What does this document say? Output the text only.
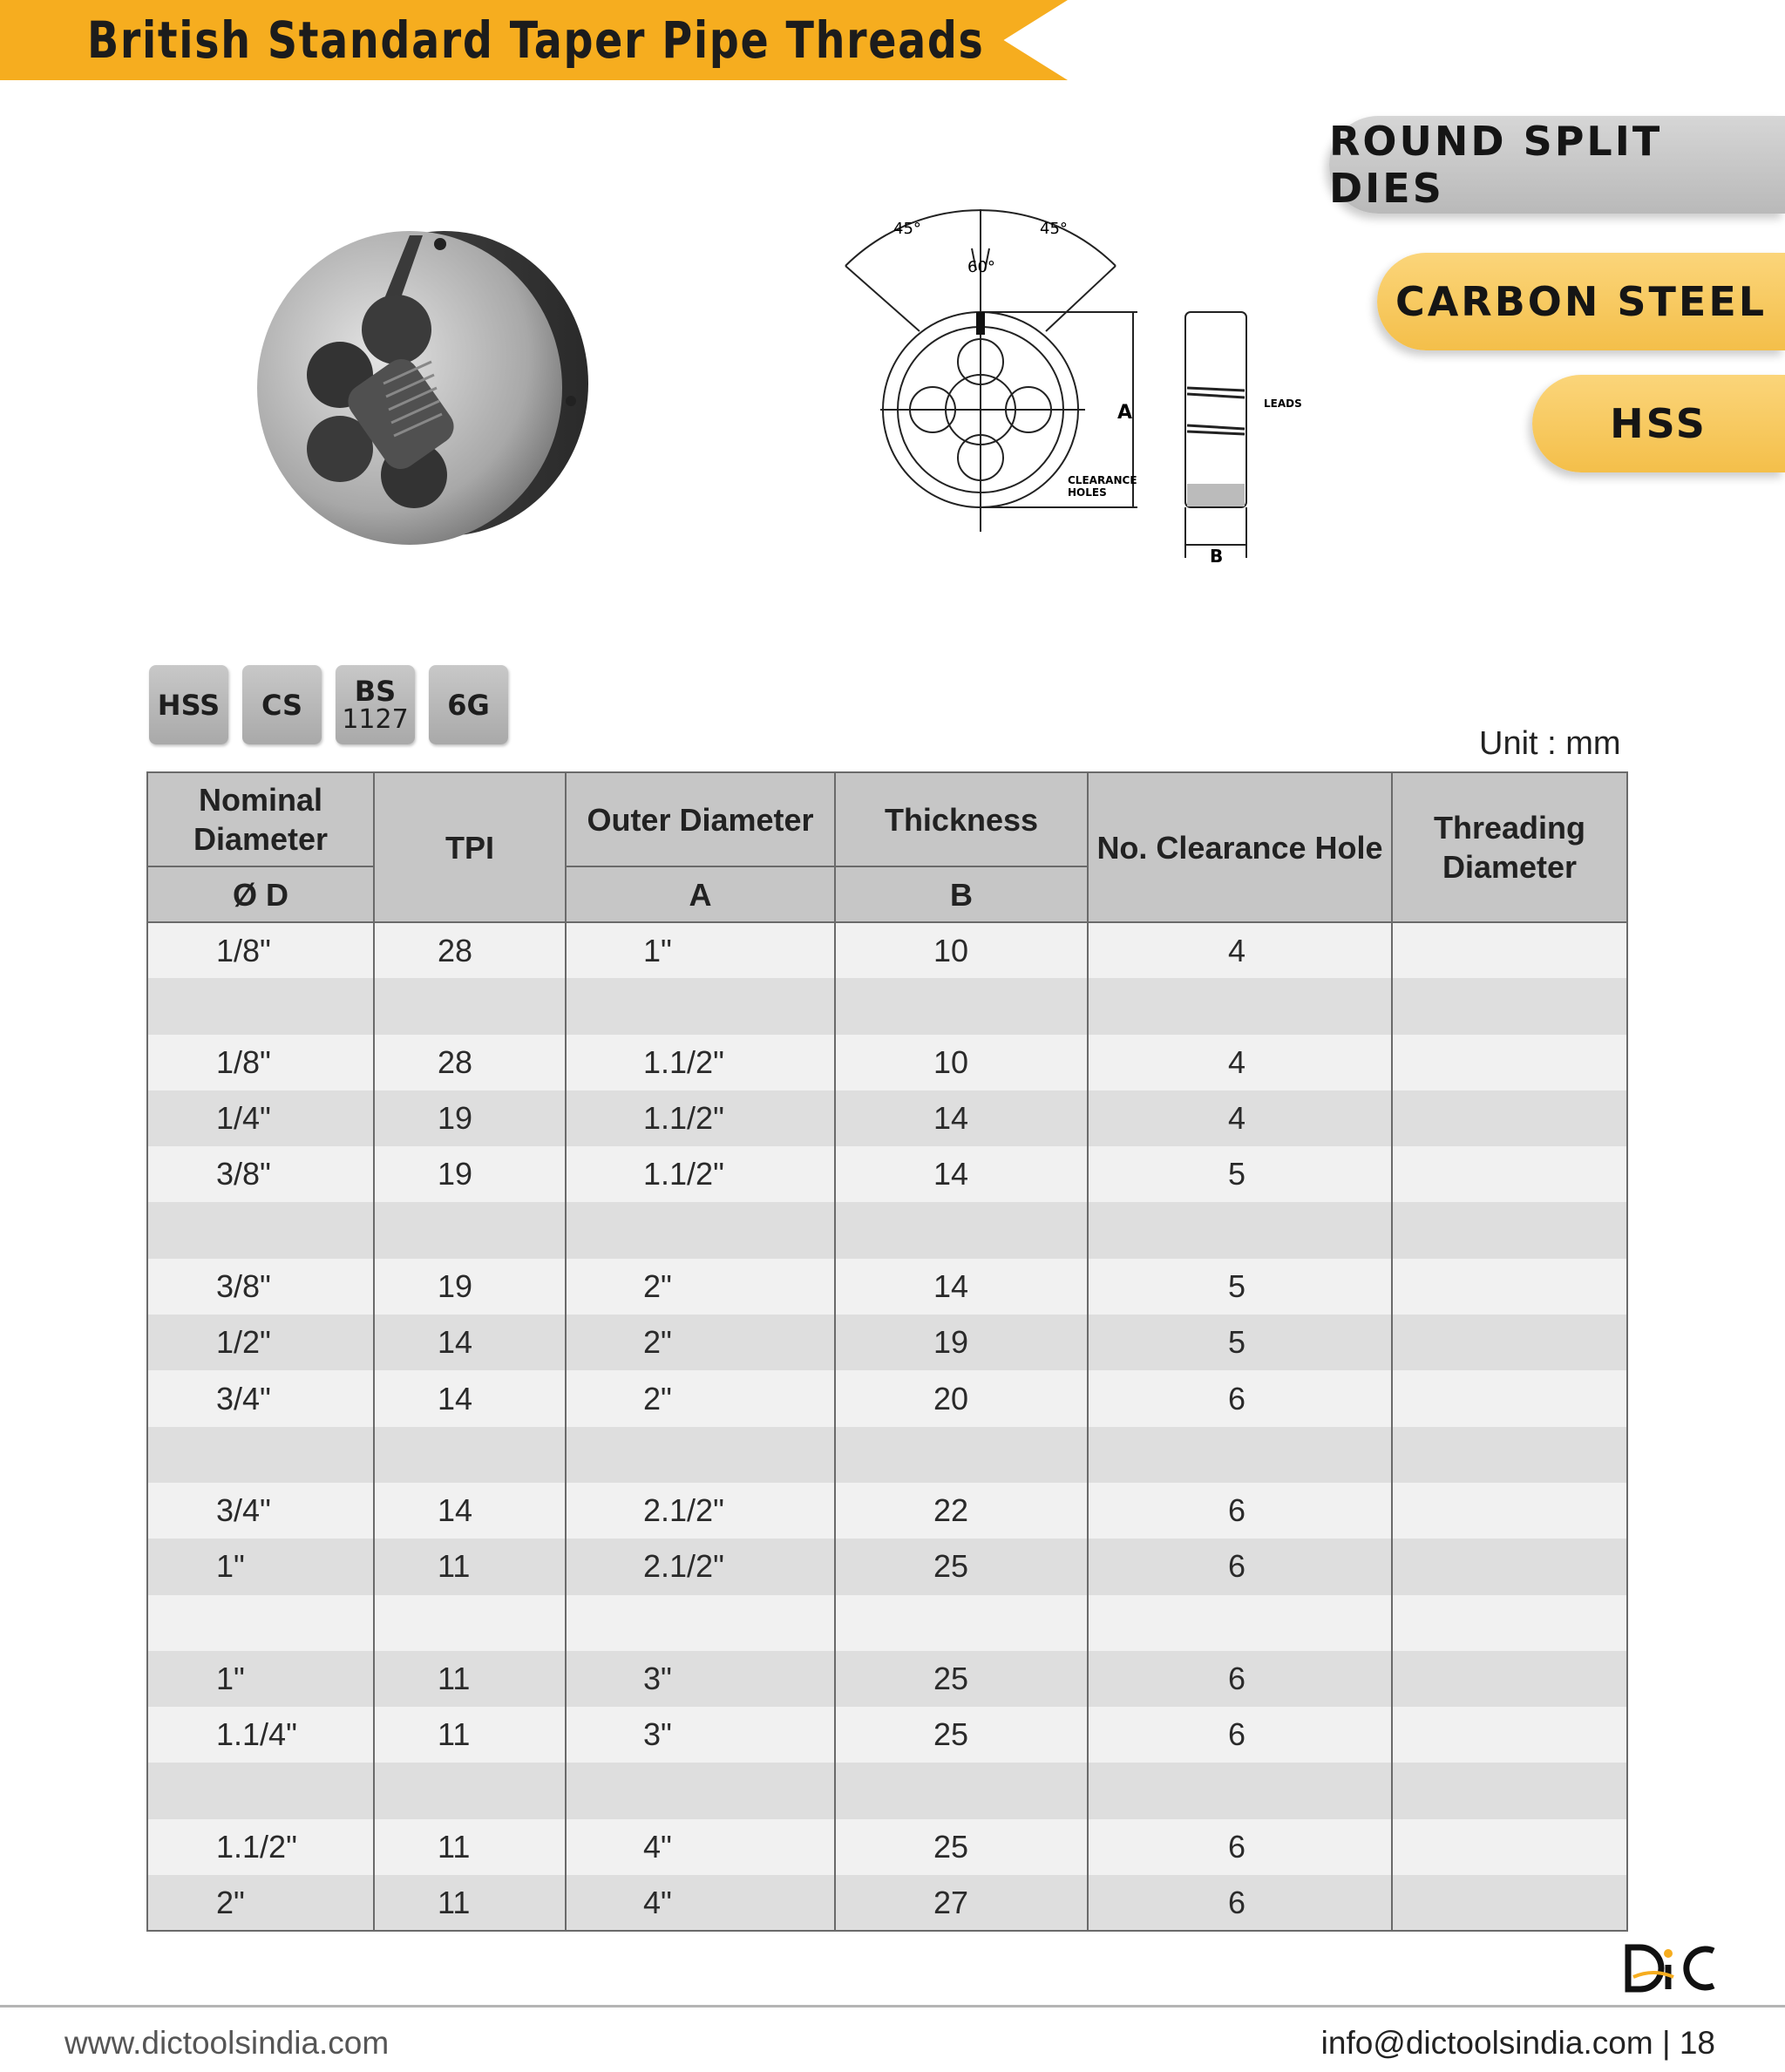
British Standard Taper Pipe Threads
ROUND SPLIT DIES
CARBON STEEL
HSS
45°	45°
60°
A
B
LEADS
CLEARANCE
HOLES
HSS CS BS
1127 6G
Unit : mm
Nominal Diameter	TPI	Outer Diameter	Thickness	No. Clearance Hole	Threading Diameter
Ø D		A	B		
1/8"	28	1"	10	4	

1/8"	28	1.1/2"	10	4	
1/4"	19	1.1/2"	14	4	
3/8"	19	1.1/2"	14	5	

3/8"	19	2"	14	5	
1/2"	14	2"	19	5	
3/4"	14	2"	20	6	

3/4"	14	2.1/2"	22	6	
1"	11	2.1/2"	25	6	

1"	11	3"	25	6	
1.1/4"	11	3"	25	6	

1.1/2"	11	4"	25	6	
2"	11	4"	27	6	
www.dictoolsindia.com	info@dictoolsindia.com | 18
